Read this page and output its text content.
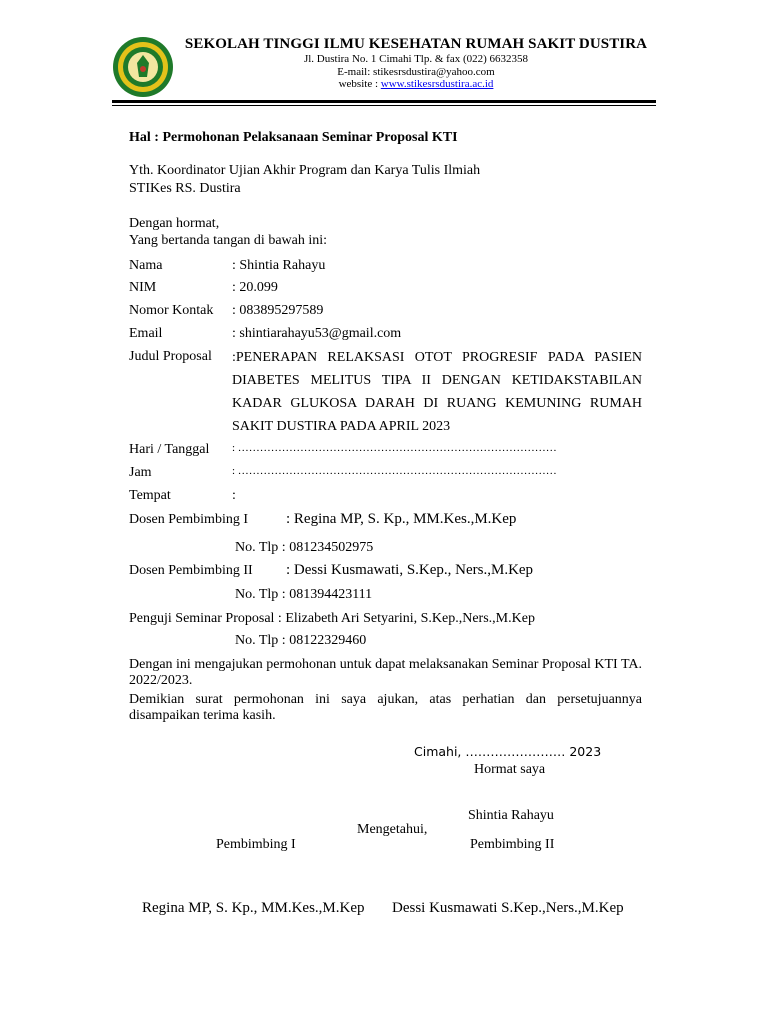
SEKOLAH TINGGI ILMU KESEHATAN RUMAH SAKIT DUSTIRA
Jl. Dustira No. 1 Cimahi Tlp. & fax (022) 6632358
E-mail: stikesrsdustira@yahoo.com
website : www.stikesrsdustira.ac.id
Hal : Permohonan Pelaksanaan Seminar Proposal KTI
Yth. Koordinator Ujian Akhir Program dan Karya Tulis Ilmiah
STIKes RS. Dustira
Dengan hormat,
Yang bertanda tangan di bawah ini:
Nama	: Shintia Rahayu
NIM	: 20.099
Nomor Kontak : 083895297589
Email	: shintiarahayu53@gmail.com
Judul Proposal :PENERAPAN RELAKSASI OTOT PROGRESIF PADA PASIEN
DIABETES MELITUS TIPA II DENGAN KETIDAKSTABILAN
KADAR GLUKOSA DARAH DI RUANG KEMUNING RUMAH
SAKIT DUSTIRA PADA APRIL 2023
Hari / Tanggal : ……………………………………………………………………………
Jam	: ……………………………………………………………………………
Tempat	:
Dosen Pembimbing I	: Regina MP, S. Kp., MM.Kes.,M.Kep
No. Tlp : 081234502975
Dosen Pembimbing II : Dessi Kusmawati, S.Kep., Ners.,M.Kep
No. Tlp : 081394423111
Penguji Seminar Proposal : Elizabeth Ari Setyarini, S.Kep.,Ners.,M.Kep
No. Tlp : 08122329460
Dengan ini mengajukan permohonan untuk dapat melaksanakan Seminar Proposal KTI TA. 2022/2023.
Demikian surat permohonan ini saya ajukan, atas perhatian dan persetujuannya disampaikan terima kasih.
Cimahi, …………………… 2023
Hormat saya
Shintia Rahayu
Mengetahui,
Pembimbing I	Pembimbing II
Regina MP, S. Kp., MM.Kes.,M.Kep Dessi Kusmawati S.Kep.,Ners.,M.Kep
